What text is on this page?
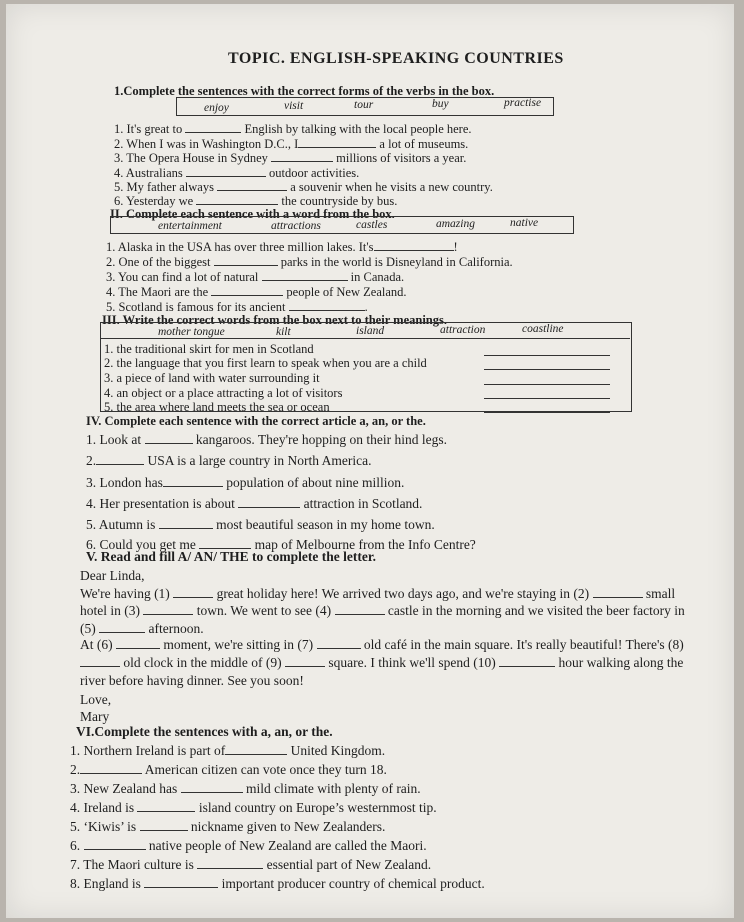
TOPIC. ENGLISH-SPEAKING COUNTRIES
1.Complete the sentences with the correct forms of the verbs in the box.
enjoy	visit	tour	buy	practise
1. It's great to	English by talking with the local people here.
2. When I was in Washington D.C., I	a lot of museums.
3. The Opera House in Sydney	millions of visitors a year.
4. Australians	outdoor activities.
5. My father always	a souvenir when he visits a new country.
6. Yesterday we	the countryside by bus.
II. Complete each sentence with a word from the box.
entertainment	attractions	castles	amazing	native
1. Alaska in the USA has over three million lakes. It's	!
2. One of the biggest	parks in the world is Disneyland in California.
3. You can find a lot of natural	in Canada.
4. The Maori are the	people of New Zealand.
5. Scotland is famous for its ancient	.
III. Write the correct words from the box next to their meanings.
mother tongue	kilt	island	attraction	coastline
1. the traditional skirt for men in Scotland
2. the language that you first learn to speak when you are a child
3. a piece of land with water surrounding it
4. an object or a place attracting a lot of visitors
5. the area where land meets the sea or ocean
IV. Complete each sentence with the correct article a, an, or the.
1. Look at	kangaroos. They're hopping on their hind legs.
2.	USA is a large country in North America.
3. London has	population of about nine million.
4. Her presentation is about	attraction in Scotland.
5. Autumn is	most beautiful season in my home town.
6. Could you get me	map of Melbourne from the Info Centre?
V. Read and fill A/ AN/ THE to complete the letter.
Dear Linda,
We're having (1)	great holiday here! We arrived two days ago, and we're staying in (2)	small
hotel in (3)	town. We went to see (4)	castle in the morning and we visited the beer factory in
(5)	afternoon.
At (6)	moment, we're sitting in (7)	old café in the main square. It's really beautiful! There's (8)
old clock in the middle of (9)	square. I think we'll spend (10)	hour walking along the
river before having dinner. See you soon!
Love,
Mary
VI.Complete the sentences with a, an, or the.
1. Northern Ireland is part of	United Kingdom.
2.	American citizen can vote once they turn 18.
3. New Zealand has	mild climate with plenty of rain.
4. Ireland is	island country on Europe’s westernmost tip.
5. ‘Kiwis’ is	nickname given to New Zealanders.
6.	native people of New Zealand are called the Maori.
7. The Maori culture is	essential part of New Zealand.
8. England is	important producer country of chemical product.
